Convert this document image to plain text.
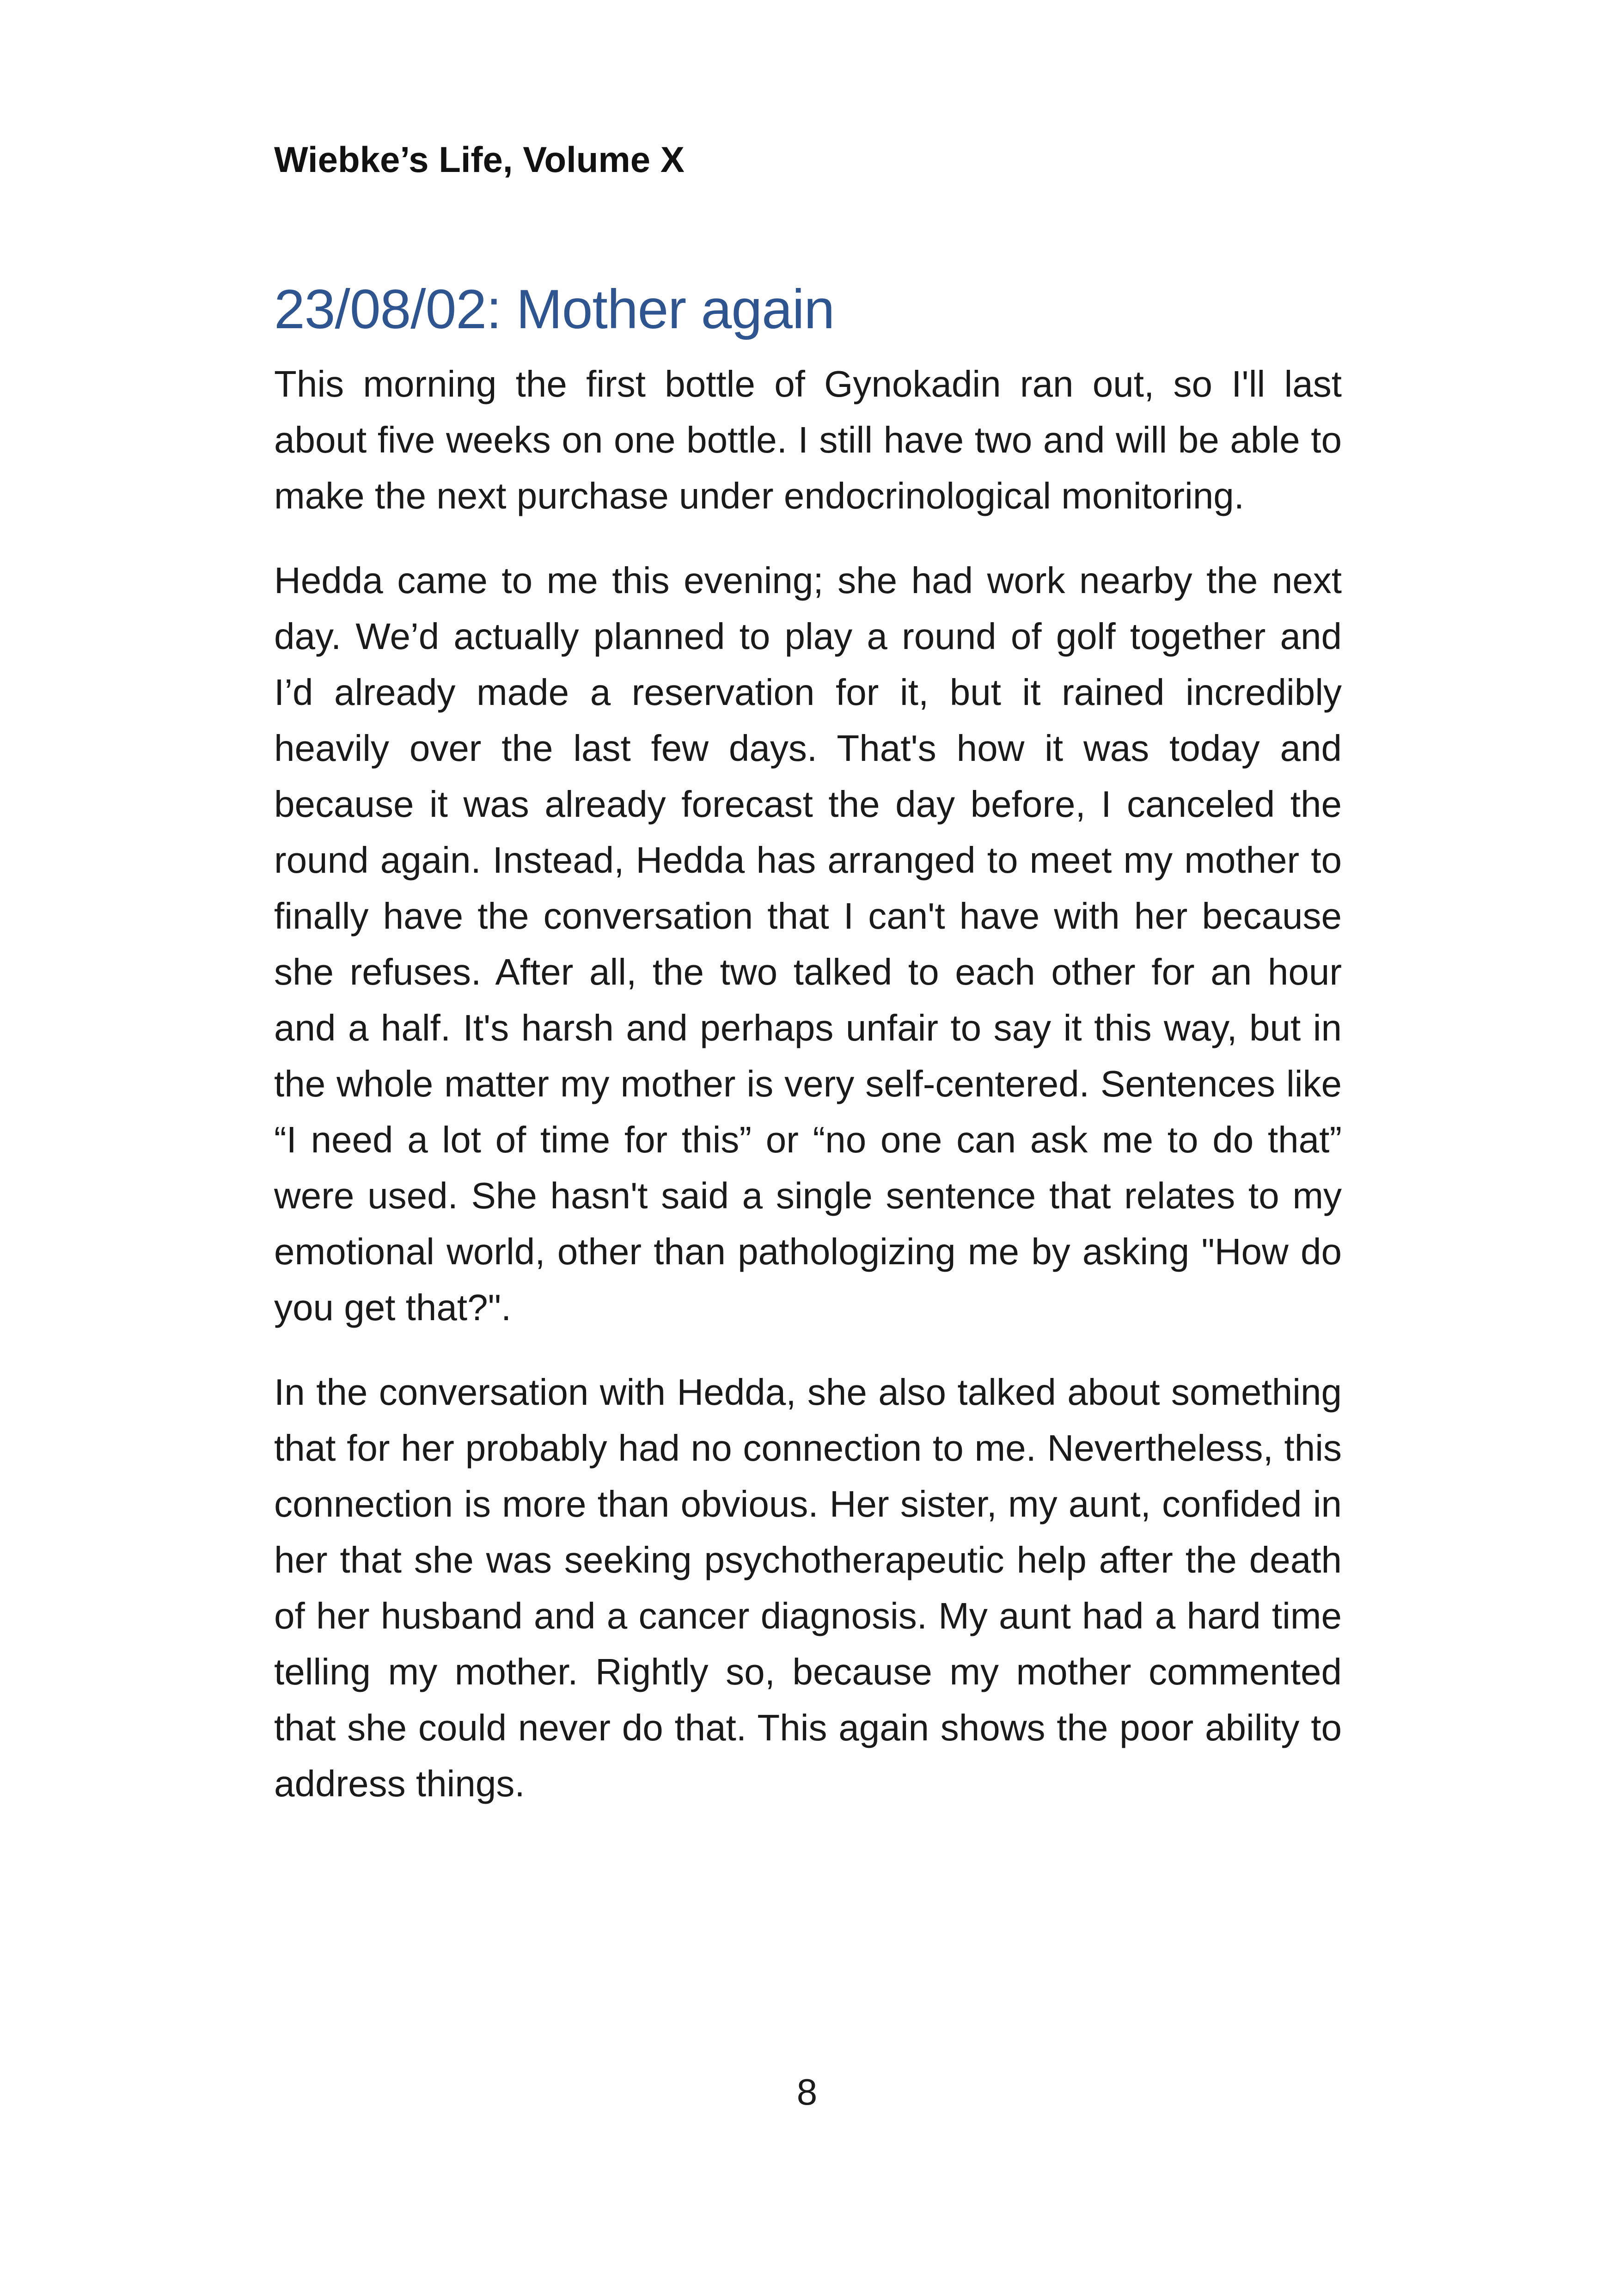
Wiebke’s Life, Volume X
23/08/02: Mother again

This morning the first bottle of Gynokadin ran out, so I'll last about five weeks on one bottle. I still have two and will be able to make the next purchase under endocrinological monitoring.

Hedda came to me this evening; she had work nearby the next day. We’d actually planned to play a round of golf together and I’d already made a reservation for it, but it rained incredibly heavily over the last few days. That's how it was today and because it was already forecast the day before, I canceled the round again. Instead, Hedda has arranged to meet my mother to finally have the conversation that I can't have with her because she refuses. After all, the two talked to each other for an hour and a half. It's harsh and perhaps unfair to say it this way, but in the whole matter my mother is very self-centered. Sentences like “I need a lot of time for this” or “no one can ask me to do that” were used. She hasn't said a single sentence that relates to my emotional world, other than pathologizing me by asking "How do you get that?".

In the conversation with Hedda, she also talked about something that for her probably had no connection to me. Nevertheless, this connection is more than obvious. Her sister, my aunt, confided in her that she was seeking psychotherapeutic help after the death of her husband and a cancer diagnosis. My aunt had a hard time telling my mother. Rightly so, because my mother commented that she could never do that. This again shows the poor ability to address things.

8
